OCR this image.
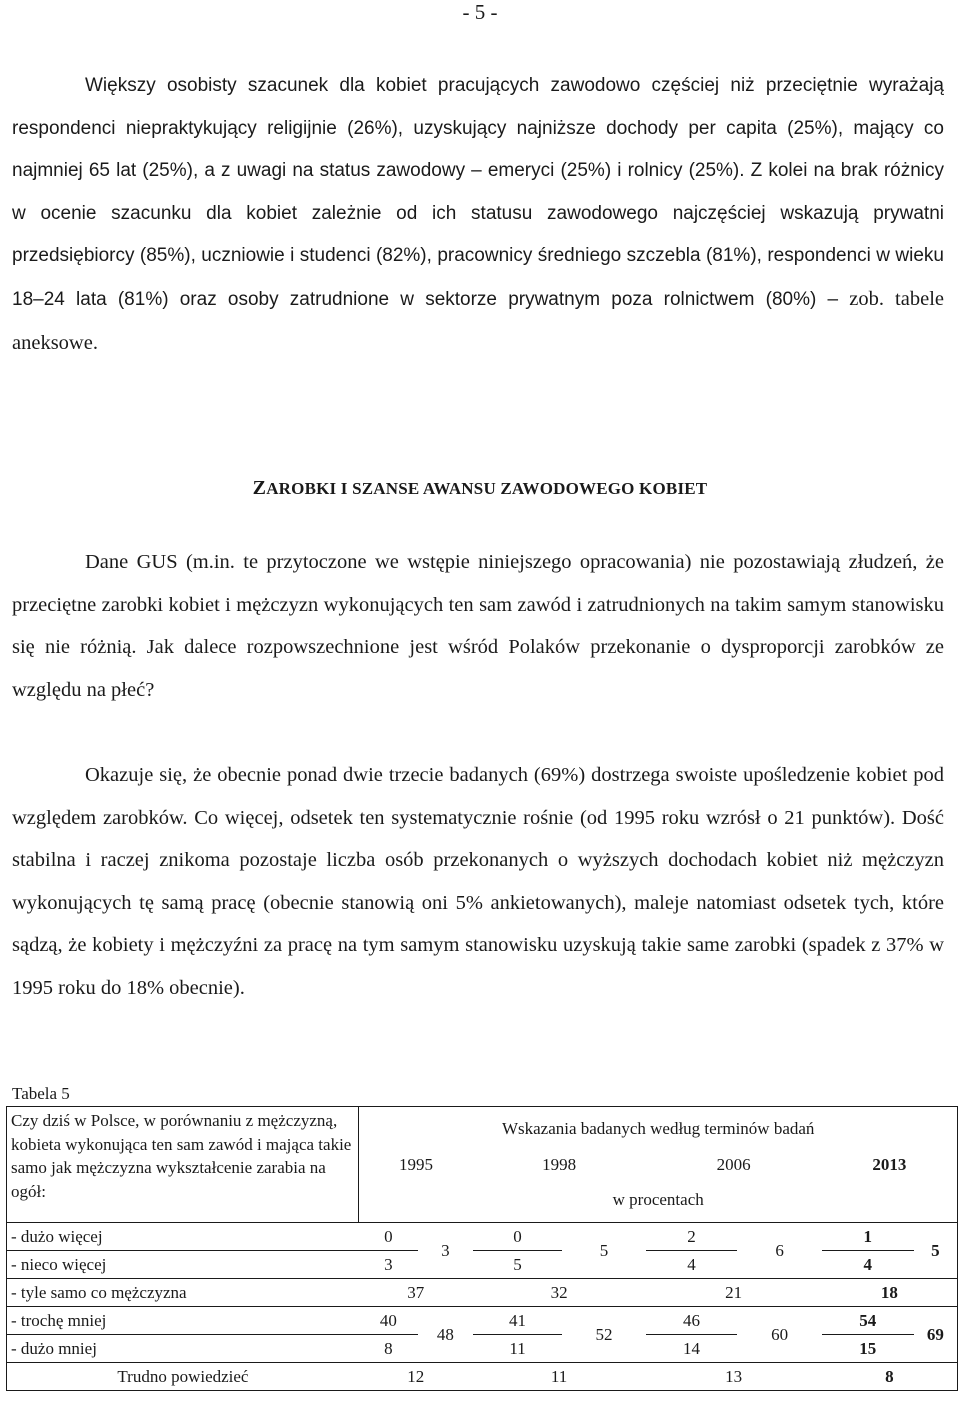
- 5 -

Większy osobisty szacunek dla kobiet pracujących zawodowo częściej niż przeciętnie wyrażają respondenci niepraktykujący religijnie (26%), uzyskujący najniższe dochody per capita (25%), mający co najmniej 65 lat (25%), a z uwagi na status zawodowy – emeryci (25%) i rolnicy (25%). Z kolei na brak różnicy w ocenie szacunku dla kobiet zależnie od ich statusu zawodowego najczęściej wskazują prywatni przedsiębiorcy (85%), uczniowie i studenci (82%), pracownicy średniego szczebla (81%), respondenci w wieku 18–24 lata (81%) oraz osoby zatrudnione w sektorze prywatnym poza rolnictwem (80%) – zob. tabele aneksowe.

ZAROBKI I SZANSE AWANSU ZAWODOWEGO KOBIET

Dane GUS (m.in. te przytoczone we wstępie niniejszego opracowania) nie pozostawiają złudzeń, że przeciętne zarobki kobiet i mężczyzn wykonujących ten sam zawód i zatrudnionych na takim samym stanowisku się nie różnią. Jak dalece rozpowszechnione jest wśród Polaków przekonanie o dysproporcji zarobków ze względu na płeć?

Okazuje się, że obecnie ponad dwie trzecie badanych (69%) dostrzega swoiste upośledzenie kobiet pod względem zarobków. Co więcej, odsetek ten systematycznie rośnie (od 1995 roku wzrósł o 21 punktów). Dość stabilna i raczej znikoma pozostaje liczba osób przekonanych o wyższych dochodach kobiet niż mężczyzn wykonujących tę samą pracę (obecnie stanowią oni 5% ankietowanych), maleje natomiast odsetek tych, które sądzą, że kobiety i mężczyźni za pracę na tym samym stanowisku uzyskują takie same zarobki (spadek z 37% w 1995 roku do 18% obecnie).

Tabela 5
Czy dziś w Polsce, w porównaniu z mężczyzną, kobieta wykonująca ten sam zawód i mająca takie samo jak mężczyzna wykształcenie zarabia na ogół:	Wskazania badanych według terminów badań							
	1995		1998		2006		2013	
	w procentach							
- dużo więcej	0	3	0	5	2	6	1	5
- nieco więcej	3		5		4		4	
- tyle samo co mężczyzna	37		32		21		18	
- trochę mniej	40	48	41	52	46	60	54	69
- dużo mniej	8		11		14		15	
Trudno powiedzieć	12		11		13		8	
